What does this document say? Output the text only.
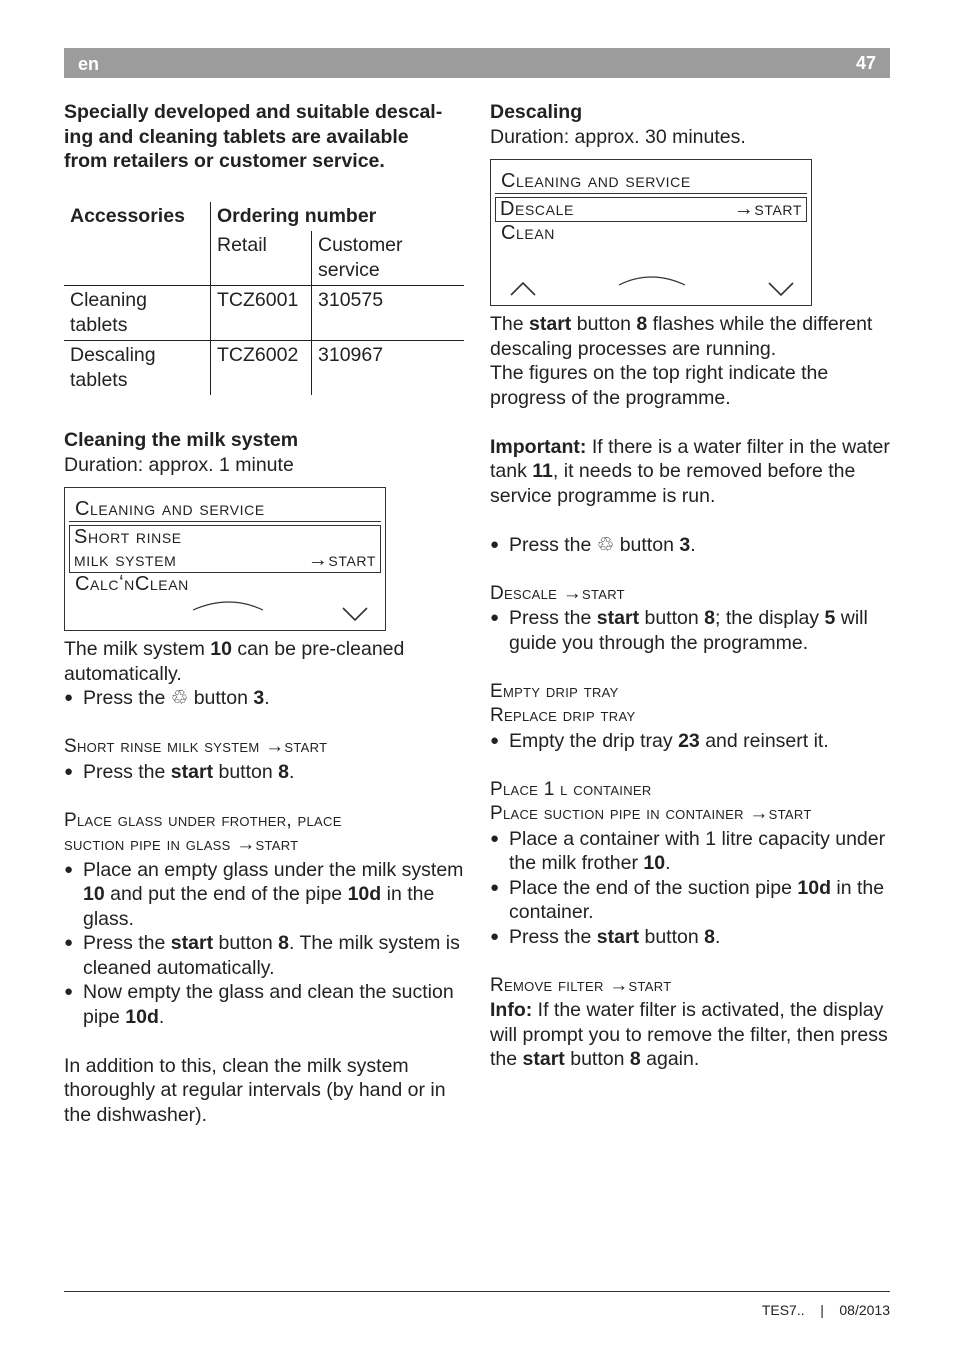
en	47

Specially developed and suitable descal-
ing and cleaning tablets are available
from retailers or customer service.

Accessories	Ordering number	
	Retail	Customer
service
Cleaning
tablets	TCZ6001	310575
Descaling
tablets	TCZ6002	310967

Cleaning the milk system

Duration: approx. 1 minute

Cleaning and service
Short rinse
milk system	→start
CalcʻnClean

The milk system 10 can be pre-cleaned automatically.

● Press the ♲ button 3.

Short rinse milk system →start

● Press the start button 8.

Place glass under frother, place
suction pipe in glass →start

● Place an empty glass under the milk system 10 and put the end of the pipe 10d in the glass.

● Press the start button 8. The milk system is cleaned automatically.

● Now empty the glass and clean the suction pipe 10d.

In addition to this, clean the milk system thoroughly at regular intervals (by hand or in the dishwasher).

Descaling

Duration: approx. 30 minutes.

Cleaning and service
Descale	→start
Clean

The start button 8 flashes while the different descaling processes are running.

The figures on the top right indicate the progress of the programme.

Important: If there is a water filter in the water tank 11, it needs to be removed before the service programme is run.

● Press the ♲ button 3.

Descale →start

● Press the start button 8; the display 5 will guide you through the programme.

Empty drip tray
Replace drip tray

● Empty the drip tray 23 and reinsert it.

Place 1 l container
Place suction pipe in container →start

● Place a container with 1 litre capacity under the milk frother 10.

● Place the end of the suction pipe 10d in the container.

● Press the start button 8.

Remove filter →start

Info: If the water filter is activated, the display will prompt you to remove the filter, then press the start button 8 again.

TES7.. | 08/2013
